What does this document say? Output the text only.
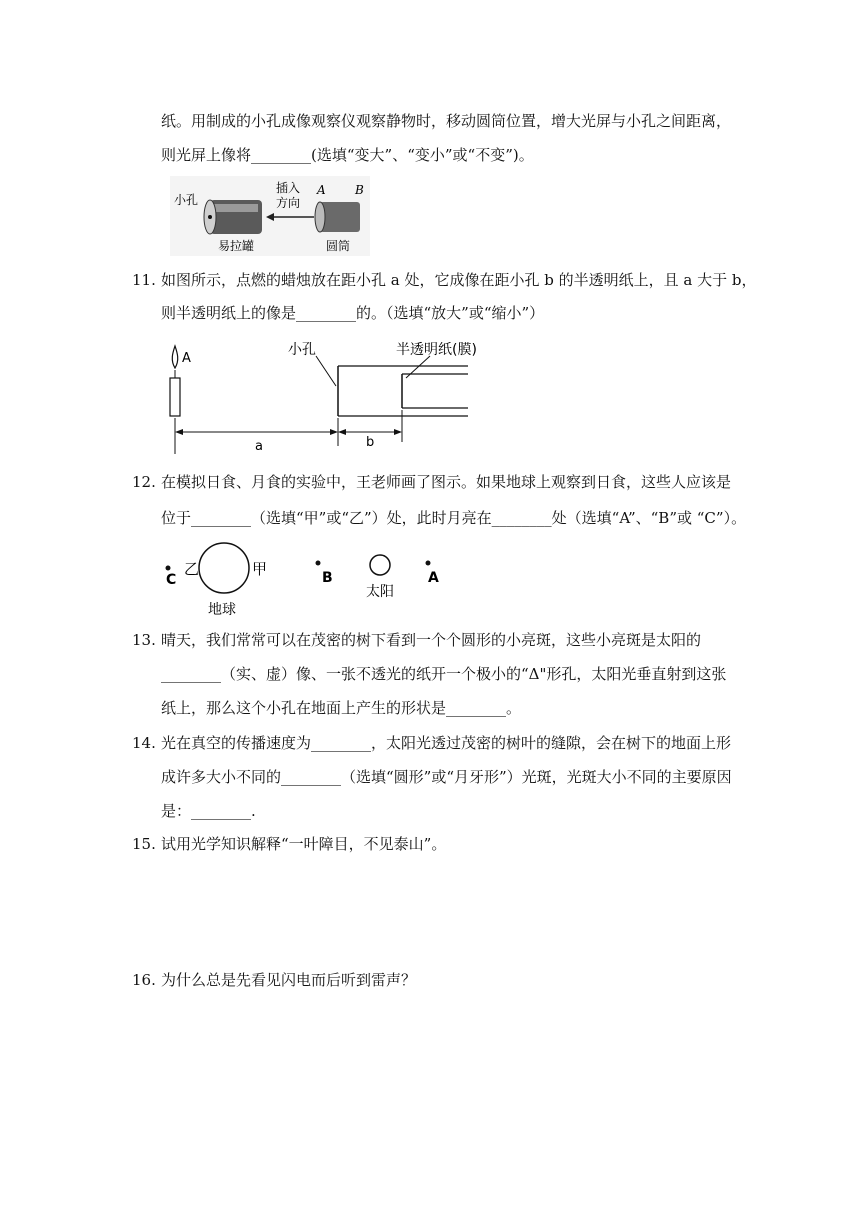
纸。用制成的小孔成像观察仪观察静物时，移动圆筒位置，增大光屏与小孔之间距离，
则光屏上像将________(选填“变大”、“变小”或“不变”)。
小孔
插入
方向
A B
易拉罐	圆筒
11. 如图所示，点燃的蜡烛放在距小孔 a 处，它成像在距小孔 b 的半透明纸上，且 a 大于 b，
则半透明纸上的像是________的。（选填“放大”或“缩小”）
A
小孔	半透明纸(膜)
a	b
12. 在模拟日食、月食的实验中，王老师画了图示。如果地球上观察到日食，这些人应该是
位于________（选填“甲”或“乙”）处，此时月亮在________处（选填“A”、“B”或 “C”）。
C
乙	甲
地球
B
太阳
A
13. 晴天，我们常常可以在茂密的树下看到一个个圆形的小亮斑，这些小亮斑是太阳的
________（实、虚）像、一张不透光的纸开一个极小的“Δ"形孔，太阳光垂直射到这张
纸上，那么这个小孔在地面上产生的形状是________。
14. 光在真空的传播速度为________，太阳光透过茂密的树叶的缝隙，会在树下的地面上形
成许多大小不同的________（选填“圆形”或“月牙形”）光斑，光斑大小不同的主要原因
是：________.
15. 试用光学知识解释“一叶障目，不见泰山”。
16. 为什么总是先看见闪电而后听到雷声？
